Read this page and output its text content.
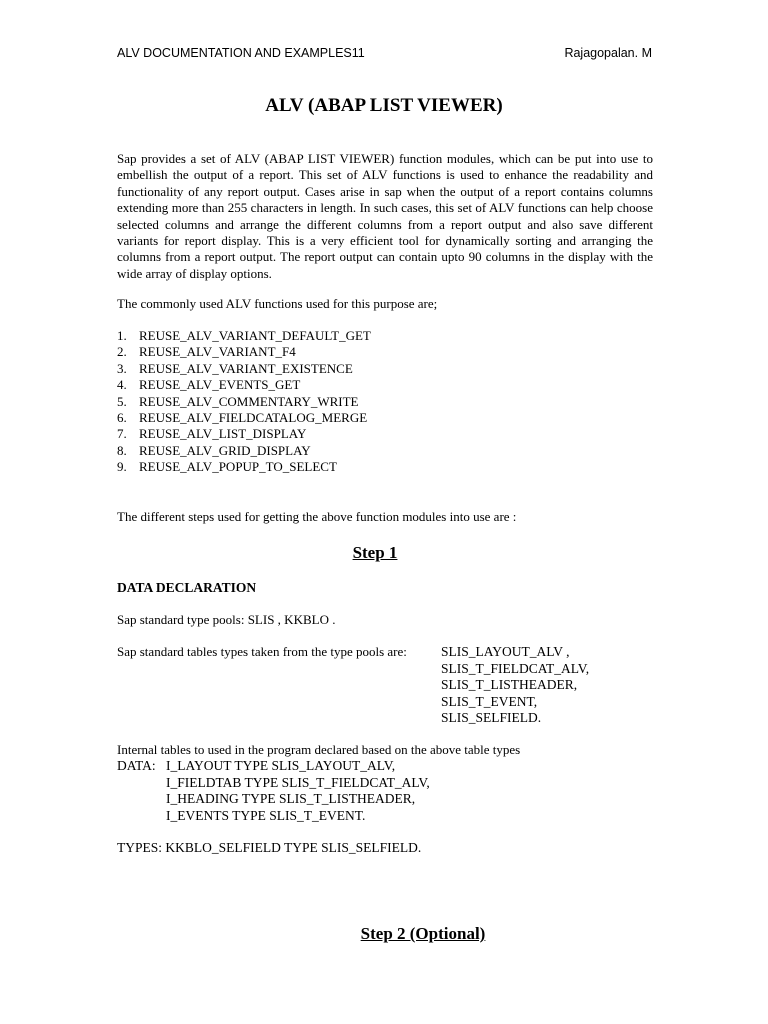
ALV DOCUMENTATION AND EXAMPLES11	Rajagopalan. M
ALV (ABAP LIST VIEWER)

Sap provides a set of ALV (ABAP LIST VIEWER) function modules, which can be put into use to embellish the output of a report. This set of ALV functions is used to enhance the readability and functionality of any report output. Cases arise in sap when the output of a report contains columns extending more than 255 characters in length. In such cases, this set of ALV functions can help choose selected columns and arrange the different columns from a report output and also save different variants for report display. This is a very efficient tool for dynamically sorting and arranging the columns from a report output. The report output can contain upto 90 columns in the display with the wide array of display options.

The commonly used ALV functions used for this purpose are;
1. REUSE_ALV_VARIANT_DEFAULT_GET
2. REUSE_ALV_VARIANT_F4
3. REUSE_ALV_VARIANT_EXISTENCE
4. REUSE_ALV_EVENTS_GET
5. REUSE_ALV_COMMENTARY_WRITE
6. REUSE_ALV_FIELDCATALOG_MERGE
7. REUSE_ALV_LIST_DISPLAY
8. REUSE_ALV_GRID_DISPLAY
9. REUSE_ALV_POPUP_TO_SELECT
The different steps used for getting the above function modules into use are :
Step 1
DATA DECLARATION
Sap standard type pools: SLIS , KKBLO .
Sap standard tables types taken from the type pools are:	SLIS_LAYOUT_ALV ,
SLIS_T_FIELDCAT_ALV,
SLIS_T_LISTHEADER,
SLIS_T_EVENT,
SLIS_SELFIELD.
Internal tables to used in the program declared based on the above table types
DATA: I_LAYOUT TYPE SLIS_LAYOUT_ALV,
I_FIELDTAB TYPE SLIS_T_FIELDCAT_ALV,
I_HEADING TYPE SLIS_T_LISTHEADER,
I_EVENTS TYPE SLIS_T_EVENT.
TYPES: KKBLO_SELFIELD TYPE SLIS_SELFIELD.
Step 2 (Optional)
